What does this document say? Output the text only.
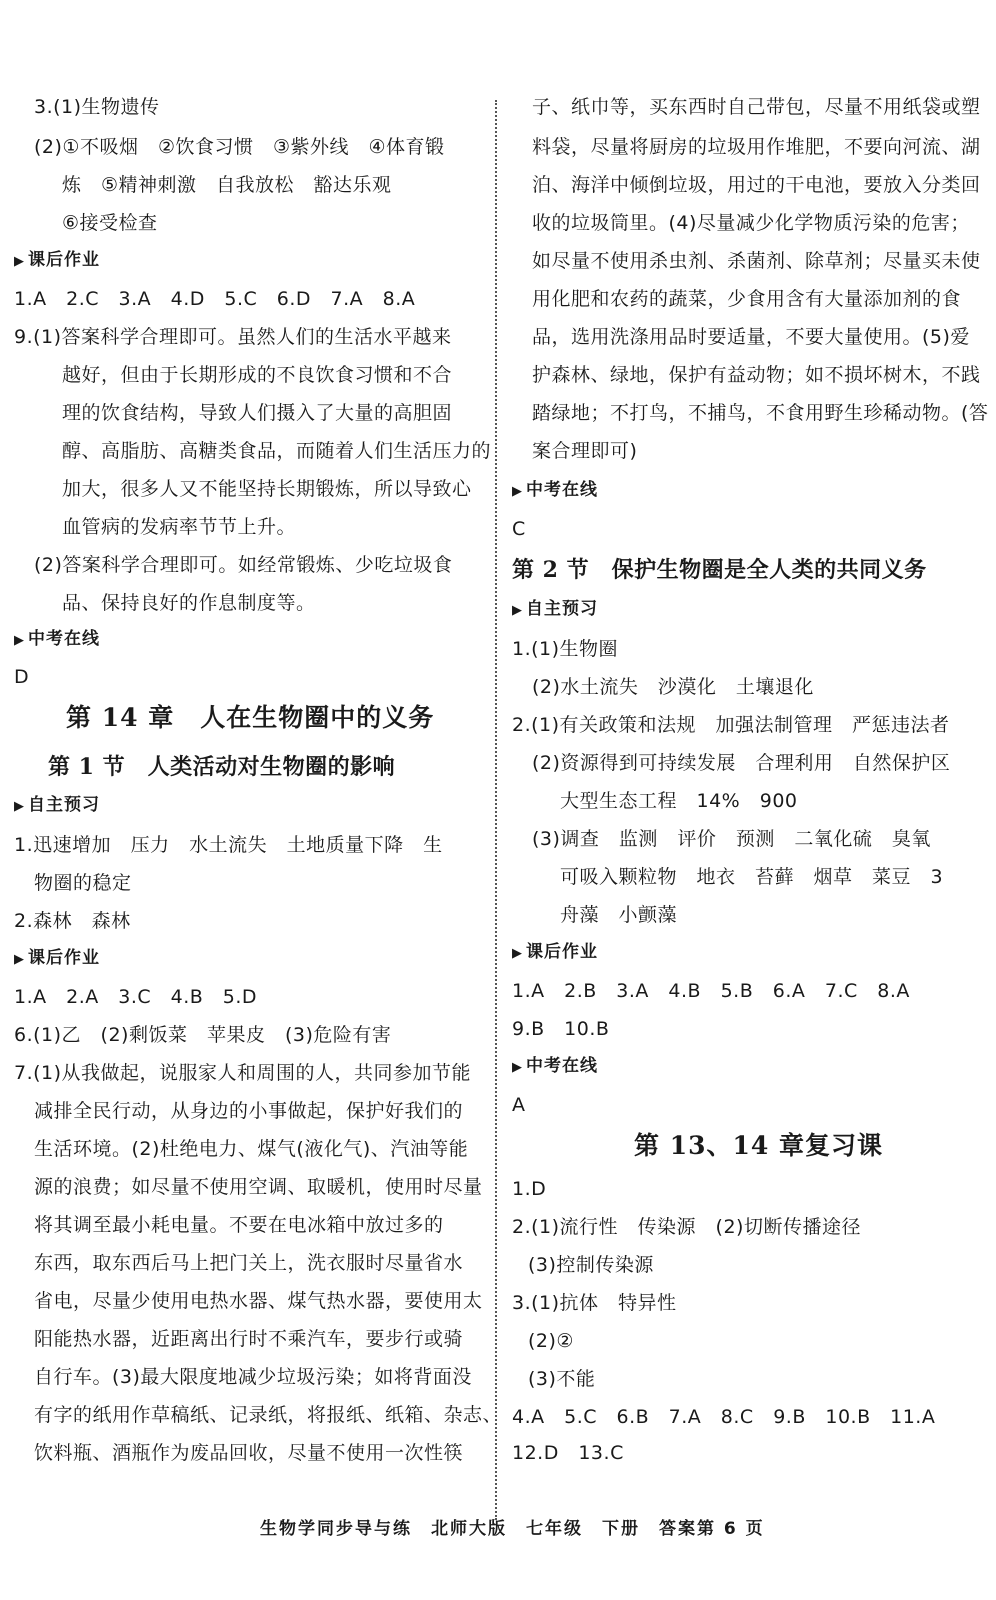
3.(1)生物遗传
(2)①不吸烟　②饮食习惯　③紫外线　④体育锻
炼　⑤精神刺激　自我放松　豁达乐观
⑥接受检查
▶ 课后作业
1.A　2.C　3.A　4.D　5.C　6.D　7.A　8.A
9.(1)答案科学合理即可。虽然人们的生活水平越来
越好，但由于长期形成的不良饮食习惯和不合
理的饮食结构，导致人们摄入了大量的高胆固
醇、高脂肪、高糖类食品，而随着人们生活压力的
加大，很多人又不能坚持长期锻炼，所以导致心
血管病的发病率节节上升。
(2)答案科学合理即可。如经常锻炼、少吃垃圾食
品、保持良好的作息制度等。
▶ 中考在线
D
第 14 章　人在生物圈中的义务
第 1 节　人类活动对生物圈的影响
▶ 自主预习
1.迅速增加　压力　水土流失　土地质量下降　生
物圈的稳定
2.森林　森林
▶ 课后作业
1.A　2.A　3.C　4.B　5.D
6.(1)乙　(2)剩饭菜　苹果皮　(3)危险有害
7.(1)从我做起，说服家人和周围的人，共同参加节能
减排全民行动，从身边的小事做起，保护好我们的
生活环境。(2)杜绝电力、煤气(液化气)、汽油等能
源的浪费；如尽量不使用空调、取暖机，使用时尽量
将其调至最小耗电量。不要在电冰箱中放过多的
东西，取东西后马上把门关上，洗衣服时尽量省水
省电，尽量少使用电热水器、煤气热水器，要使用太
阳能热水器，近距离出行时不乘汽车，要步行或骑
自行车。(3)最大限度地减少垃圾污染；如将背面没
有字的纸用作草稿纸、记录纸，将报纸、纸箱、杂志、
饮料瓶、酒瓶作为废品回收，尽量不使用一次性筷
子、纸巾等，买东西时自己带包，尽量不用纸袋或塑
料袋，尽量将厨房的垃圾用作堆肥，不要向河流、湖
泊、海洋中倾倒垃圾，用过的干电池，要放入分类回
收的垃圾筒里。(4)尽量减少化学物质污染的危害；
如尽量不使用杀虫剂、杀菌剂、除草剂；尽量买未使
用化肥和农药的蔬菜，少食用含有大量添加剂的食
品，选用洗涤用品时要适量，不要大量使用。(5)爱
护森林、绿地，保护有益动物；如不损坏树木，不践
踏绿地；不打鸟，不捕鸟，不食用野生珍稀动物。(答
案合理即可)
▶ 中考在线
C
第 2 节　保护生物圈是全人类的共同义务
▶ 自主预习
1.(1)生物圈
(2)水土流失　沙漠化　土壤退化
2.(1)有关政策和法规　加强法制管理　严惩违法者
(2)资源得到可持续发展　合理利用　自然保护区
大型生态工程　14%　900
(3)调查　监测　评价　预测　二氧化硫　臭氧
可吸入颗粒物　地衣　苔藓　烟草　菜豆　3
舟藻　小颤藻
▶ 课后作业
1.A　2.B　3.A　4.B　5.B　6.A　7.C　8.A
9.B　10.B
▶ 中考在线
A
第 13、14 章复习课
1.D
2.(1)流行性　传染源　(2)切断传播途径
(3)控制传染源
3.(1)抗体　特异性
(2)②
(3)不能
4.A　5.C　6.B　7.A　8.C　9.B　10.B　11.A
12.D　13.C
生物学同步导与练　北师大版　七年级　下册　答案第 6 页
